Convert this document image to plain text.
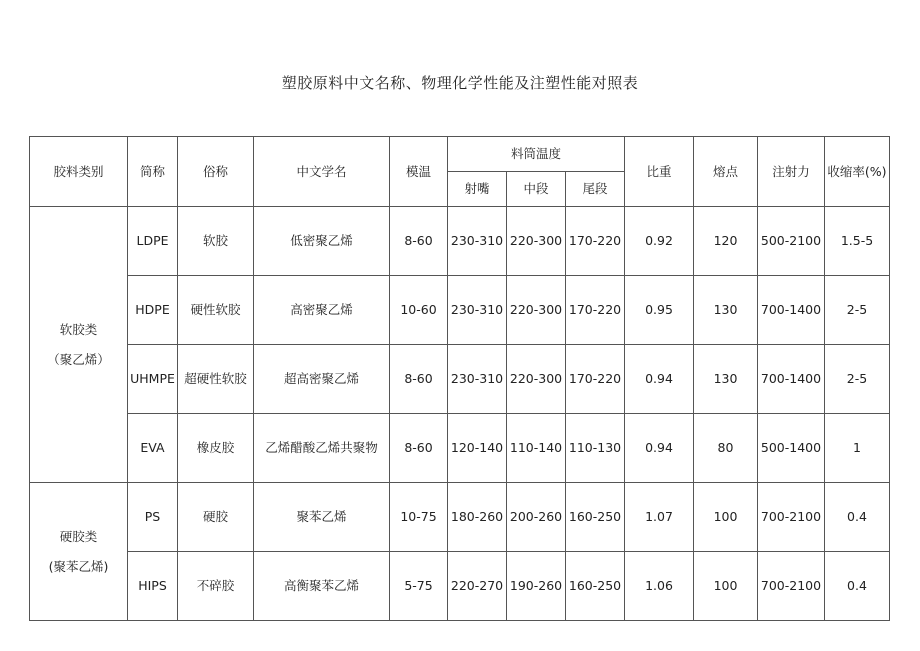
塑胶原料中文名称、物理化学性能及注塑性能对照表
胶料类别	简称	俗称	中文学名	模温	料筒温度			比重	熔点	注射力	收缩率(%)
					射嘴	中段	尾段				
软胶类
（聚乙烯）	LDPE	软胶	低密聚乙烯	8-60	230-310	220-300	170-220	0.92	120	500-2100	1.5-5
	HDPE	硬性软胶	高密聚乙烯	10-60	230-310	220-300	170-220	0.95	130	700-1400	2-5
	UHMPE	超硬性软胶	超高密聚乙烯	8-60	230-310	220-300	170-220	0.94	130	700-1400	2-5
	EVA	橡皮胶	乙烯醋酸乙烯共聚物	8-60	120-140	110-140	110-130	0.94	80	500-1400	1
硬胶类
(聚苯乙烯)	PS	硬胶	聚苯乙烯	10-75	180-260	200-260	160-250	1.07	100	700-2100	0.4
	HIPS	不碎胶	高衡聚苯乙烯	5-75	220-270	190-260	160-250	1.06	100	700-2100	0.4
